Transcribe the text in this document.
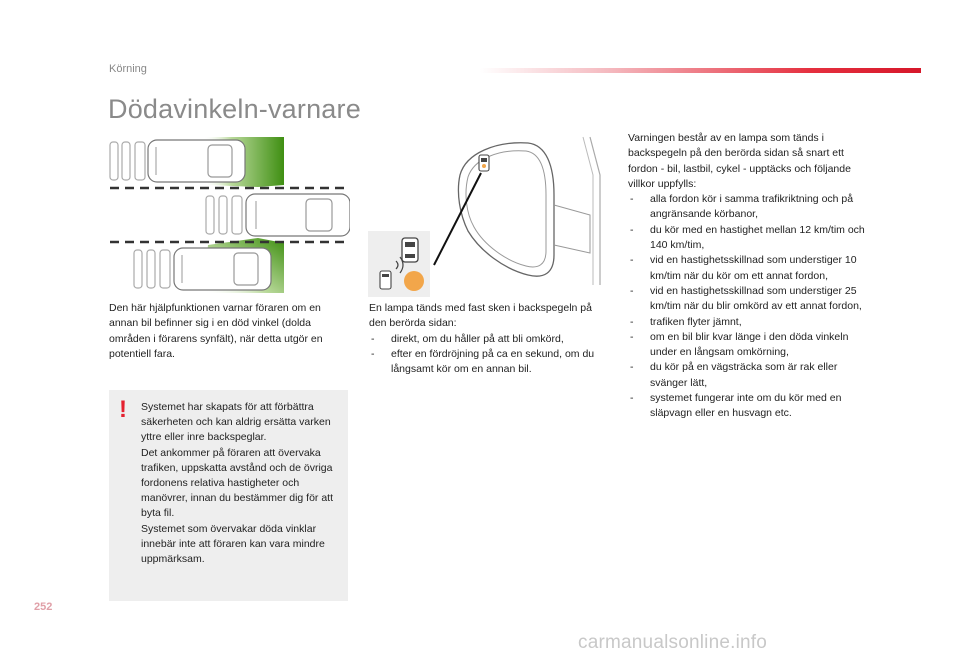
Körning
Dödavinkeln-varnare
Den här hjälpfunktionen varnar föraren om en annan bil befinner sig i en död vinkel (dolda områden i förarens synfält), när detta utgör en potentiell fara.
! Systemet har skapats för att förbättra säkerheten och kan aldrig ersätta varken yttre eller inre backspeglar.

Det ankommer på föraren att övervaka trafiken, uppskatta avstånd och de övriga fordonens relativa hastigheter och manövrer, innan du bestämmer dig för att byta fil.

Systemet som övervakar döda vinklar innebär inte att föraren kan vara mindre uppmärksam.

En lampa tänds med fast sken i backspegeln på den berörda sidan:

- direkt, om du håller på att bli omkörd,
- efter en fördröjning på ca en sekund, om du långsamt kör om en annan bil.

Varningen består av en lampa som tänds i backspegeln på den berörda sidan så snart ett fordon - bil, lastbil, cykel - upptäcks och följande villkor uppfylls:

- alla fordon kör i samma trafikriktning och på angränsande körbanor,
- du kör med en hastighet mellan 12 km/tim och 140 km/tim,
- vid en hastighetsskillnad som understiger 10 km/tim när du kör om ett annat fordon,
- vid en hastighetsskillnad som understiger 25 km/tim när du blir omkörd av ett annat fordon,
- trafiken flyter jämnt,
- om en bil blir kvar länge i den döda vinkeln under en långsam omkörning,
- du kör på en vägsträcka som är rak eller svänger lätt,
- systemet fungerar inte om du kör med en släpvagn eller en husvagn etc.
252
carmanualsonline.info
